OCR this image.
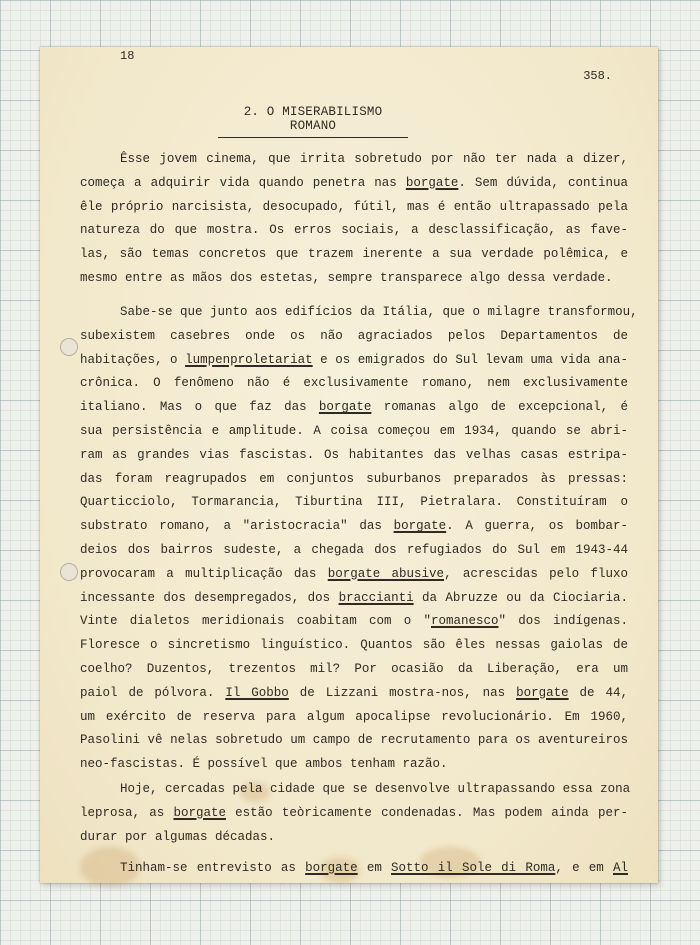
18
358.
2. O MISERABILISMO ROMANO
Êsse jovem cinema, que irrita sobretudo por não ter nada a dizer,
começa a adquirir vida quando penetra nas borgate. Sem dúvida, continua
êle próprio narcisista, desocupado, fútil, mas é então ultrapassado pela
natureza do que mostra. Os erros sociais, a desclassificação, as fave-
las, são temas concretos que trazem inerente a sua verdade polêmica, e
mesmo entre as mãos dos estetas, sempre transparece algo dessa verdade.
Sabe-se que junto aos edifícios da Itália, que o milagre transformou,
subexistem casebres onde os não agraciados pelos Departamentos de
habitações, o lumpenproletariat e os emigrados do Sul levam uma vida ana-
crônica. O fenômeno não é exclusivamente romano, nem exclusivamente
italiano. Mas o que faz das borgate romanas algo de excepcional, é
sua persistência e amplitude. A coisa começou em 1934, quando se abri-
ram as grandes vias fascistas. Os habitantes das velhas casas estripa-
das foram reagrupados em conjuntos suburbanos preparados às pressas:
Quarticciolo, Tormarancia, Tiburtina III, Pietralara. Constituíram o
substrato romano, a "aristocracia" das borgate. A guerra, os bombar-
deios dos bairros sudeste, a chegada dos refugiados do Sul em 1943-44
provocaram a multiplicação das borgate abusive, acrescidas pelo fluxo
incessante dos desempregados, dos braccianti da Abruzze ou da Ciociaria.
Vinte dialetos meridionais coabitam com o "romanesco" dos indígenas.
Floresce o sincretismo linguístico. Quantos são êles nessas gaiolas de
coelho? Duzentos, trezentos mil? Por ocasião da Liberação, era um
paiol de pólvora. Il Gobbo de Lizzani mostra-nos, nas borgate de 44,
um exército de reserva para algum apocalipse revolucionário. Em 1960,
Pasolini vê nelas sobretudo um campo de recrutamento para os aventureiros
neo-fascistas. É possível que ambos tenham razão.
Hoje, cercadas pela cidade que se desenvolve ultrapassando essa zona
leprosa, as borgate estão teòricamente condenadas. Mas podem ainda per-
durar por algumas décadas.
Tinham-se entrevisto as borgate em Sotto il Sole di Roma, e em Al
